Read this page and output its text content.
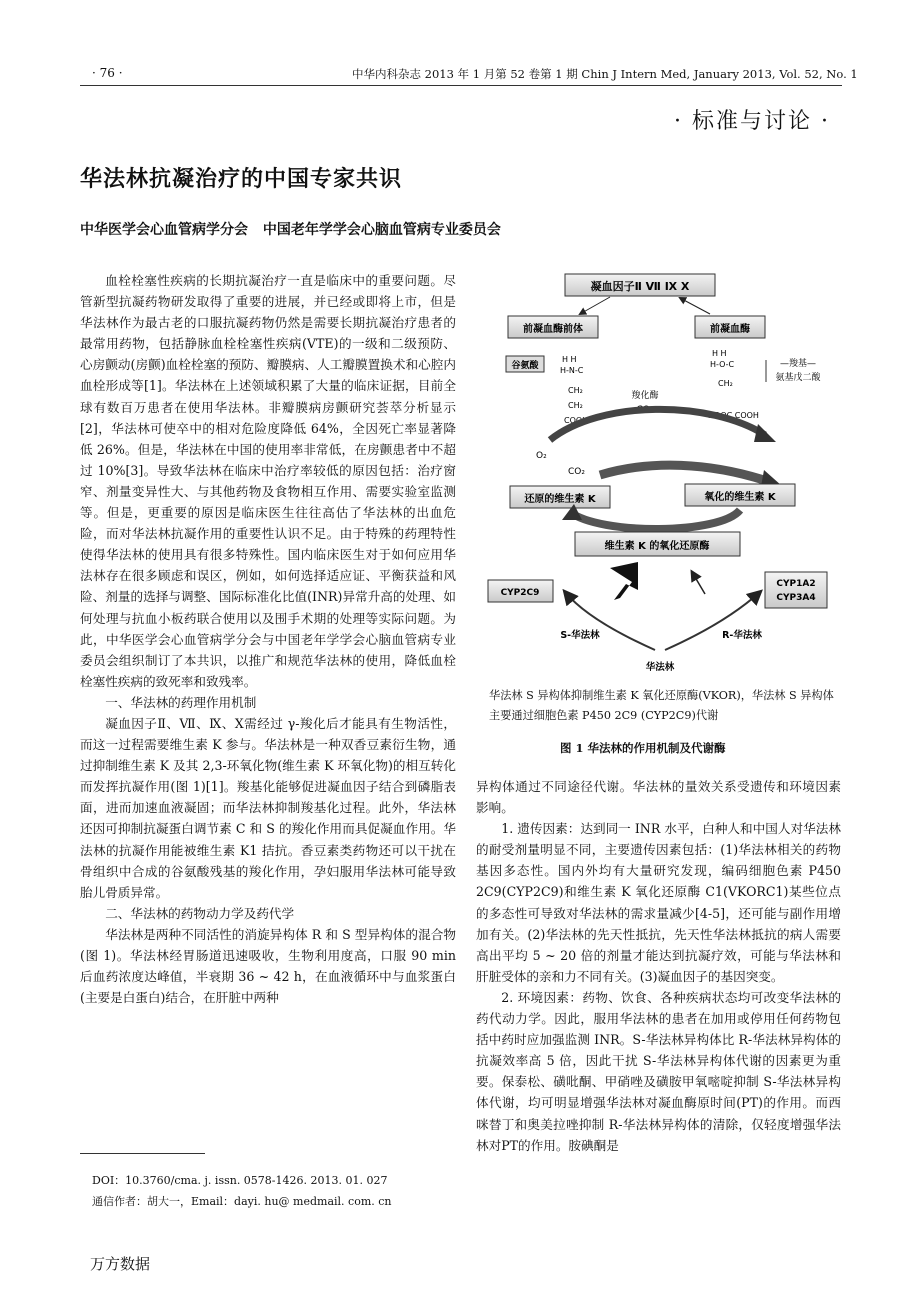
· 76 ·	中华内科杂志 2013 年 1 月第 52 卷第 1 期 Chin J Intern Med, January 2013, Vol. 52, No. 1
· 标准与讨论 ·
华法林抗凝治疗的中国专家共识
中华医学会心血管病学分会 中国老年学学会心脑血管病专业委员会

血栓栓塞性疾病的长期抗凝治疗一直是临床中的重要问题。尽管新型抗凝药物研发取得了重要的进展，并已经或即将上市，但是华法林作为最古老的口服抗凝药物仍然是需要长期抗凝治疗患者的最常用药物，包括静脉血栓栓塞性疾病(VTE)的一级和二级预防、心房颤动(房颤)血栓栓塞的预防、瓣膜病、人工瓣膜置换术和心腔内血栓形成等[1]。华法林在上述领域积累了大量的临床证据，目前全球有数百万患者在使用华法林。非瓣膜病房颤研究荟萃分析显示[2]，华法林可使卒中的相对危险度降低 64%，全因死亡率显著降低 26%。但是，华法林在中国的使用率非常低，在房颤患者中不超过 10%[3]。导致华法林在临床中治疗率较低的原因包括：治疗窗窄、剂量变异性大、与其他药物及食物相互作用、需要实验室监测等。但是，更重要的原因是临床医生往往高估了华法林的出血危险，而对华法林抗凝作用的重要性认识不足。由于特殊的药理特性使得华法林的使用具有很多特殊性。国内临床医生对于如何应用华法林存在很多顾虑和误区，例如，如何选择适应证、平衡获益和风险、剂量的选择与调整、国际标准化比值(INR)异常升高的处理、如何处理与抗血小板药联合使用以及围手术期的处理等实际问题。为此，中华医学会心血管病学分会与中国老年学学会心脑血管病专业委员会组织制订了本共识，以推广和规范华法林的使用，降低血栓栓塞性疾病的致死率和致残率。

一、华法林的药理作用机制

凝血因子Ⅱ、Ⅶ、Ⅸ、Ⅹ需经过 γ-羧化后才能具有生物活性，而这一过程需要维生素 K 参与。华法林是一种双香豆素衍生物，通过抑制维生素 K 及其 2,3-环氧化物(维生素 K 环氧化物)的相互转化而发挥抗凝作用(图 1)[1]。羧基化能够促进凝血因子结合到磷脂表面，进而加速血液凝固；而华法林抑制羧基化过程。此外，华法林还因可抑制抗凝蛋白调节素 C 和 S 的羧化作用而具促凝血作用。华法林的抗凝作用能被维生素 K1 拮抗。香豆素类药物还可以干扰在骨组织中合成的谷氨酸残基的羧化作用，孕妇服用华法林可能导致胎儿骨质异常。

二、华法林的药物动力学及药代学

华法林是两种不同活性的消旋异构体 R 和 S 型异构体的混合物(图 1)。华法林经胃肠道迅速吸收，生物利用度高，口服 90 min 后血药浓度达峰值，半衰期 36 ~ 42 h，在血液循环中与血浆蛋白(主要是白蛋白)结合，在肝脏中两种

DOI：10.3760/cma. j. issn. 0578-1426. 2013. 01. 027
通信作者：胡大一，Email：dayi. hu@ medmail. com. cn
凝血因子Ⅱ Ⅶ Ⅸ Ⅹ
前凝血酶前体	前凝血酶
谷氨酸
H H
H-N-C
CH₂
CH₂
COOH
H H
H-O-C
CH₂
HOOC COOH
—羧基—
氨基戊二酸
羧化酶
CO₂
O₂
CO₂
还原的维生素 K	氧化的维生素 K
维生素 K 的氧化还原酶
CYP2C9
CYP1A2
CYP3A4
S-华法林	R-华法林
华法林
华法林 S 异构体抑制维生素 K 氧化还原酶(VKOR)，华法林 S 异构体主要通过细胞色素 P450 2C9 (CYP2C9)代谢
图 1 华法林的作用机制及代谢酶

异构体通过不同途径代谢。华法林的量效关系受遗传和环境因素影响。

1. 遗传因素：达到同一 INR 水平，白种人和中国人对华法林的耐受剂量明显不同，主要遗传因素包括：(1)华法林相关的药物基因多态性。国内外均有大量研究发现，编码细胞色素 P450 2C9(CYP2C9)和维生素 K 氧化还原酶 C1(VKORC1)某些位点的多态性可导致对华法林的需求量减少[4-5]，还可能与副作用增加有关。(2)华法林的先天性抵抗，先天性华法林抵抗的病人需要高出平均 5 ~ 20 倍的剂量才能达到抗凝疗效，可能与华法林和肝脏受体的亲和力不同有关。(3)凝血因子的基因突变。

2. 环境因素：药物、饮食、各种疾病状态均可改变华法林的药代动力学。因此，服用华法林的患者在加用或停用任何药物包括中药时应加强监测 INR。S-华法林异构体比 R-华法林异构体的抗凝效率高 5 倍，因此干扰 S-华法林异构体代谢的因素更为重要。保泰松、磺吡酮、甲硝唑及磺胺甲氧嘧啶抑制 S-华法林异构体代谢，均可明显增强华法林对凝血酶原时间(PT)的作用。而西咪替丁和奥美拉唑抑制 R-华法林异构体的清除，仅轻度增强华法林对PT的作用。胺碘酮是

万方数据
